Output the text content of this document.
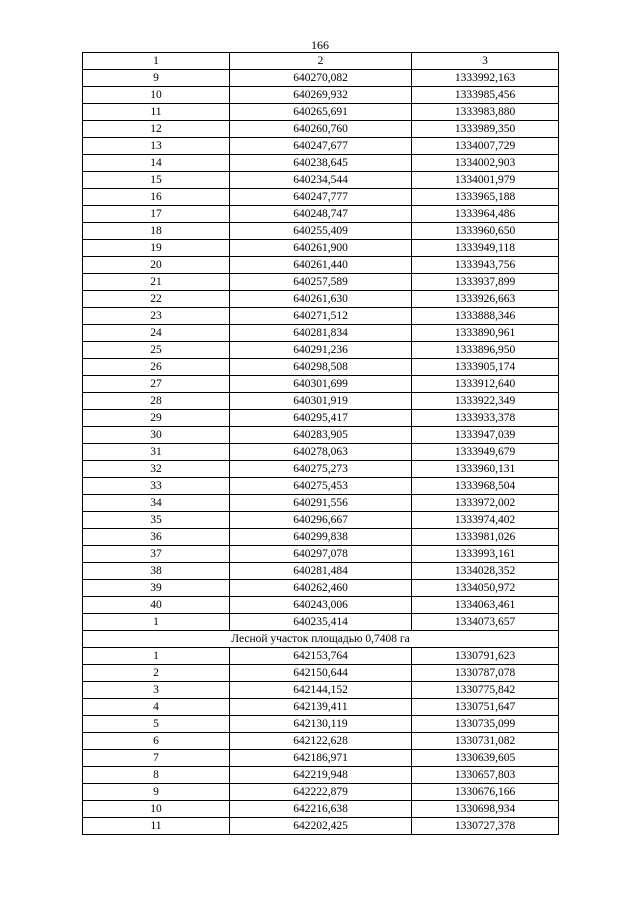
166
1	2	3
9	640270,082	1333992,163
10	640269,932	1333985,456
11	640265,691	1333983,880
12	640260,760	1333989,350
13	640247,677	1334007,729
14	640238,645	1334002,903
15	640234,544	1334001,979
16	640247,777	1333965,188
17	640248,747	1333964,486
18	640255,409	1333960,650
19	640261,900	1333949,118
20	640261,440	1333943,756
21	640257,589	1333937,899
22	640261,630	1333926,663
23	640271,512	1333888,346
24	640281,834	1333890,961
25	640291,236	1333896,950
26	640298,508	1333905,174
27	640301,699	1333912,640
28	640301,919	1333922,349
29	640295,417	1333933,378
30	640283,905	1333947,039
31	640278,063	1333949,679
32	640275,273	1333960,131
33	640275,453	1333968,504
34	640291,556	1333972,002
35	640296,667	1333974,402
36	640299,838	1333981,026
37	640297,078	1333993,161
38	640281,484	1334028,352
39	640262,460	1334050,972
40	640243,006	1334063,461
1	640235,414	1334073,657
Лесной участок площадью 0,7408 га		
1	642153,764	1330791,623
2	642150,644	1330787,078
3	642144,152	1330775,842
4	642139,411	1330751,647
5	642130,119	1330735,099
6	642122,628	1330731,082
7	642186,971	1330639,605
8	642219,948	1330657,803
9	642222,879	1330676,166
10	642216,638	1330698,934
11	642202,425	1330727,378
